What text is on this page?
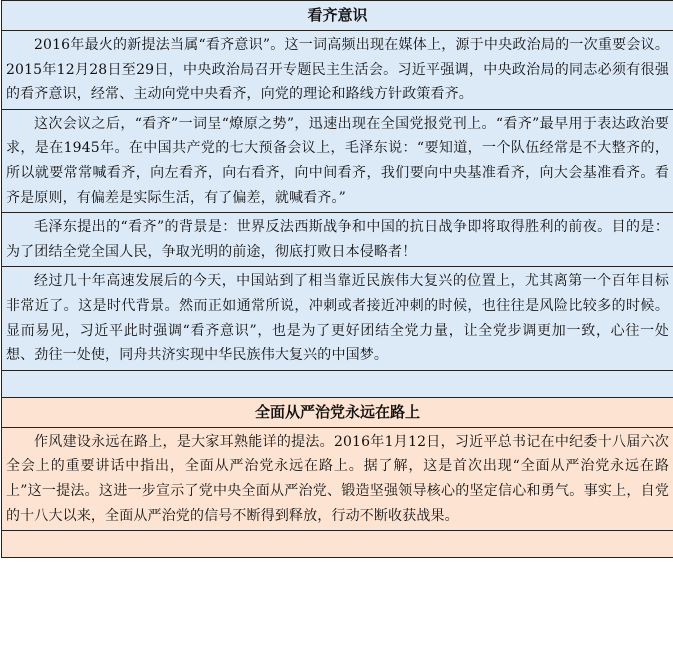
看齐意识
2016年最火的新提法当属“看齐意识”。这一词高频出现在媒体上，源于中央政治局的一次重要会议。2015年12月28日至29日，中央政治局召开专题民主生活会。习近平强调，中央政治局的同志必须有很强的看齐意识，经常、主动向党中央看齐，向党的理论和路线方针政策看齐。
这次会议之后，“看齐”一词呈“燎原之势”，迅速出现在全国党报党刊上。“看齐”最早用于表达政治要求，是在1945年。在中国共产党的七大预备会议上，毛泽东说：“要知道，一个队伍经常是不大整齐的，所以就要常常喊看齐，向左看齐，向右看齐，向中间看齐，我们要向中央基准看齐，向大会基准看齐。看齐是原则，有偏差是实际生活，有了偏差，就喊看齐。”
毛泽东提出的“看齐”的背景是：世界反法西斯战争和中国的抗日战争即将取得胜利的前夜。目的是：为了团结全党全国人民，争取光明的前途，彻底打败日本侵略者！
经过几十年高速发展后的今天，中国站到了相当靠近民族伟大复兴的位置上，尤其离第一个百年目标非常近了。这是时代背景。然而正如通常所说，冲刺或者接近冲刺的时候，也往往是风险比较多的时候。显而易见，习近平此时强调“看齐意识”，也是为了更好团结全党力量，让全党步调更加一致，心往一处想、劲往一处使，同舟共济实现中华民族伟大复兴的中国梦。
全面从严治党永远在路上
作风建设永远在路上，是大家耳熟能详的提法。2016年1月12日，习近平总书记在中纪委十八届六次全会上的重要讲话中指出，全面从严治党永远在路上。据了解，这是首次出现“全面从严治党永远在路上”这一提法。这进一步宣示了党中央全面从严治党、锻造坚强领导核心的坚定信心和勇气。事实上，自党的十八大以来，全面从严治党的信号不断得到释放，行动不断收获战果。
